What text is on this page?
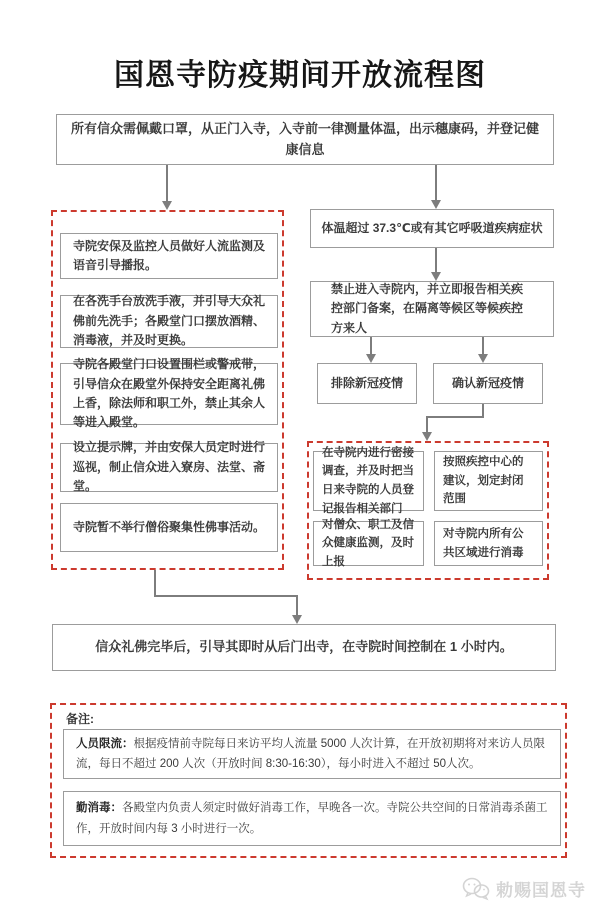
国恩寺防疫期间开放流程图
所有信众需佩戴口罩，从正门入寺，入寺前一律测量体温，出示穗康码，并登记健康信息
寺院安保及监控人员做好人流监测及语音引导播报。
在各洗手台放洗手液，并引导大众礼佛前先洗手；各殿堂门口摆放酒精、消毒液，并及时更换。
寺院各殿堂门口设置围栏或警戒带，引导信众在殿堂外保持安全距离礼佛上香，除法师和职工外，禁止其余人等进入殿堂。
设立提示牌，并由安保人员定时进行巡视，制止信众进入寮房、法堂、斋堂。
寺院暂不举行僧俗聚集性佛事活动。
体温超过 37.3℃或有其它呼吸道疾病症状
禁止进入寺院内，并立即报告相关疾控部门备案，在隔离等候区等候疾控方来人
排除新冠疫情	确认新冠疫情
在寺院内进行密接调查，并及时把当日来寺院的人员登记报告相关部门
按照疾控中心的建议，划定封闭范围
对僧众、职工及信众健康监测，及时上报
对寺院内所有公共区域进行消毒
信众礼佛完毕后，引导其即时从后门出寺，在寺院时间控制在 1 小时内。
备注:
人员限流：根据疫情前寺院每日来访平均人流量 5000 人次计算，在开放初期将对来访人员限流，每日不超过 200 人次（开放时间 8:30-16:30），每小时进入不超过 50人次。
勤消毒：各殿堂内负责人须定时做好消毒工作，早晚各一次。寺院公共空间的日常消毒杀菌工作，开放时间内每 3 小时进行一次。
勅赐国恩寺
